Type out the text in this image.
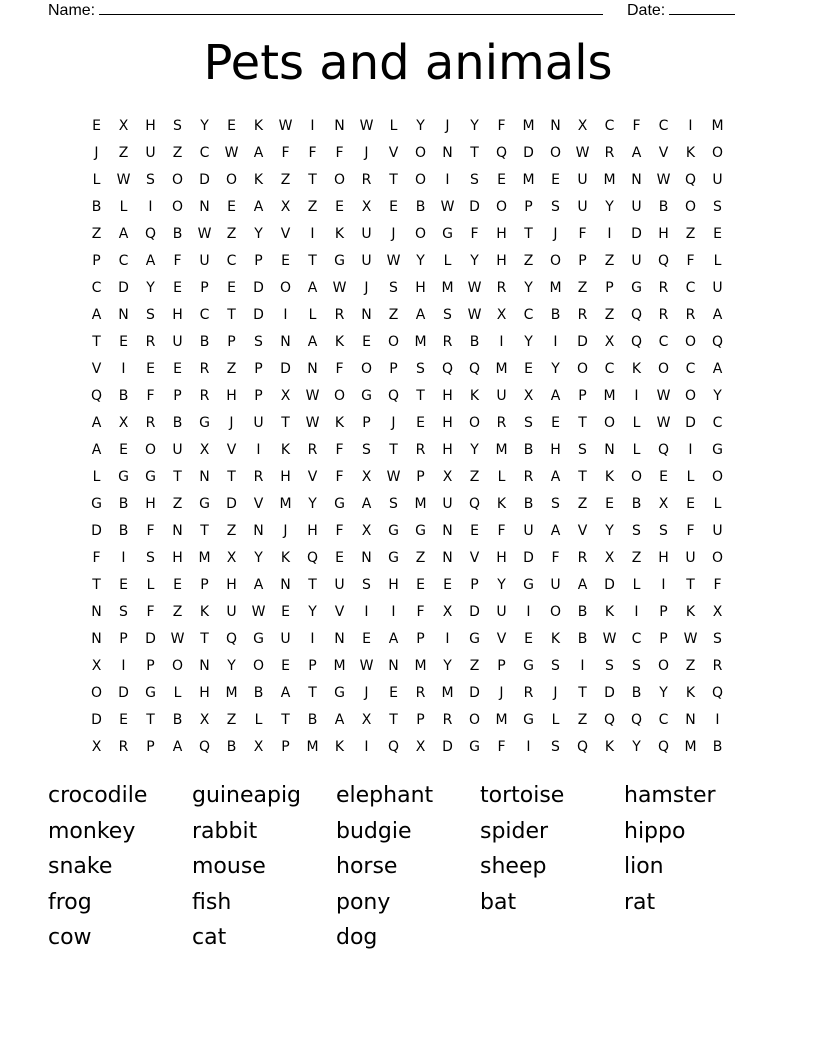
Name:	Date:
Pets and animals
E	X	H	S	Y	E	K	W	I	N	W	L	Y	J	Y	F	M	N	X	C	F	C	I	M
J	Z	U	Z	C	W	A	F	F	F	J	V	O	N	T	Q	D	O	W	R	A	V	K	O
L	W	S	O	D	O	K	Z	T	O	R	T	O	I	S	E	M	E	U	M	N	W	Q	U
B	L	I	O	N	E	A	X	Z	E	X	E	B	W	D	O	P	S	U	Y	U	B	O	S
Z	A	Q	B	W	Z	Y	V	I	K	U	J	O	G	F	H	T	J	F	I	D	H	Z	E
P	C	A	F	U	C	P	E	T	G	U	W	Y	L	Y	H	Z	O	P	Z	U	Q	F	L
C	D	Y	E	P	E	D	O	A	W	J	S	H	M	W	R	Y	M	Z	P	G	R	C	U
A	N	S	H	C	T	D	I	L	R	N	Z	A	S	W	X	C	B	R	Z	Q	R	R	A
T	E	R	U	B	P	S	N	A	K	E	O	M	R	B	I	Y	I	D	X	Q	C	O	Q
V	I	E	E	R	Z	P	D	N	F	O	P	S	Q	Q	M	E	Y	O	C	K	O	C	A
Q	B	F	P	R	H	P	X	W	O	G	Q	T	H	K	U	X	A	P	M	I	W	O	Y
A	X	R	B	G	J	U	T	W	K	P	J	E	H	O	R	S	E	T	O	L	W	D	C
A	E	O	U	X	V	I	K	R	F	S	T	R	H	Y	M	B	H	S	N	L	Q	I	G
L	G	G	T	N	T	R	H	V	F	X	W	P	X	Z	L	R	A	T	K	O	E	L	O
G	B	H	Z	G	D	V	M	Y	G	A	S	M	U	Q	K	B	S	Z	E	B	X	E	L
D	B	F	N	T	Z	N	J	H	F	X	G	G	N	E	F	U	A	V	Y	S	S	F	U
F	I	S	H	M	X	Y	K	Q	E	N	G	Z	N	V	H	D	F	R	X	Z	H	U	O
T	E	L	E	P	H	A	N	T	U	S	H	E	E	P	Y	G	U	A	D	L	I	T	F
N	S	F	Z	K	U	W	E	Y	V	I	I	F	X	D	U	I	O	B	K	I	P	K	X
N	P	D	W	T	Q	G	U	I	N	E	A	P	I	G	V	E	K	B	W	C	P	W	S
X	I	P	O	N	Y	O	E	P	M	W	N	M	Y	Z	P	G	S	I	S	S	O	Z	R
O	D	G	L	H	M	B	A	T	G	J	E	R	M	D	J	R	J	T	D	B	Y	K	Q
D	E	T	B	X	Z	L	T	B	A	X	T	P	R	O	M	G	L	Z	Q	Q	C	N	I
X	R	P	A	Q	B	X	P	M	K	I	Q	X	D	G	F	I	S	Q	K	Y	Q	M	B
crocodile	guineapig	elephant	tortoise	hamster
monkey	rabbit	budgie	spider	hippo
snake	mouse	horse	sheep	lion
frog	fish	pony	bat	rat
cow	cat	dog
